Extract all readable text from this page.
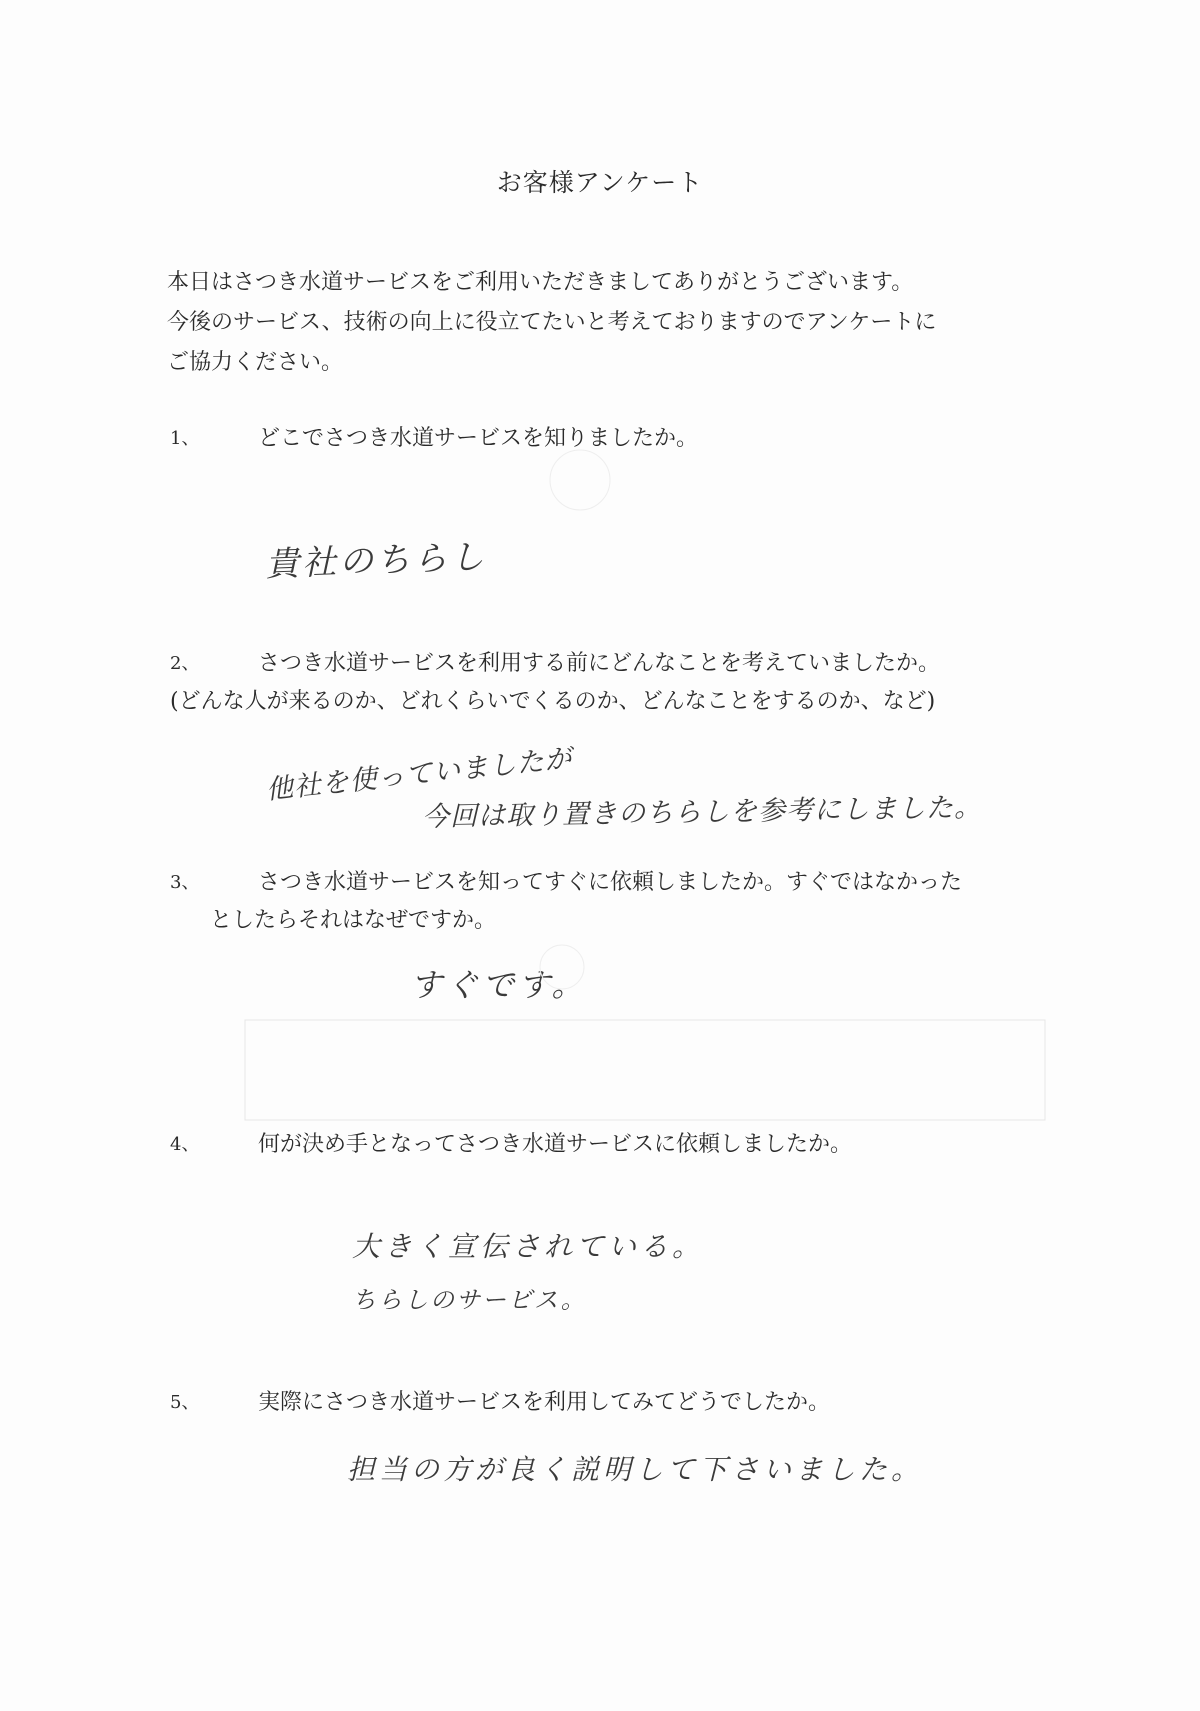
お客様アンケート
本日はさつき水道サービスをご利用いただきましてありがとうございます。
今後のサービス、技術の向上に役立てたいと考えておりますのでアンケートに
ご協力ください。
1、	どこでさつき水道サービスを知りましたか。
貴社のちらし
2、	さつき水道サービスを利用する前にどんなことを考えていましたか。
(どんな人が来るのか、どれくらいでくるのか、どんなことをするのか、など)
他社を使っていましたが
今回は取り置きのちらしを参考にしました。
3、	さつき水道サービスを知ってすぐに依頼しましたか。すぐではなかった
としたらそれはなぜですか。
すぐです。
4、	何が決め手となってさつき水道サービスに依頼しましたか。
大きく宣伝されている。
ちらしのサービス。
5、	実際にさつき水道サービスを利用してみてどうでしたか。
担当の方が良く説明して下さいました。
